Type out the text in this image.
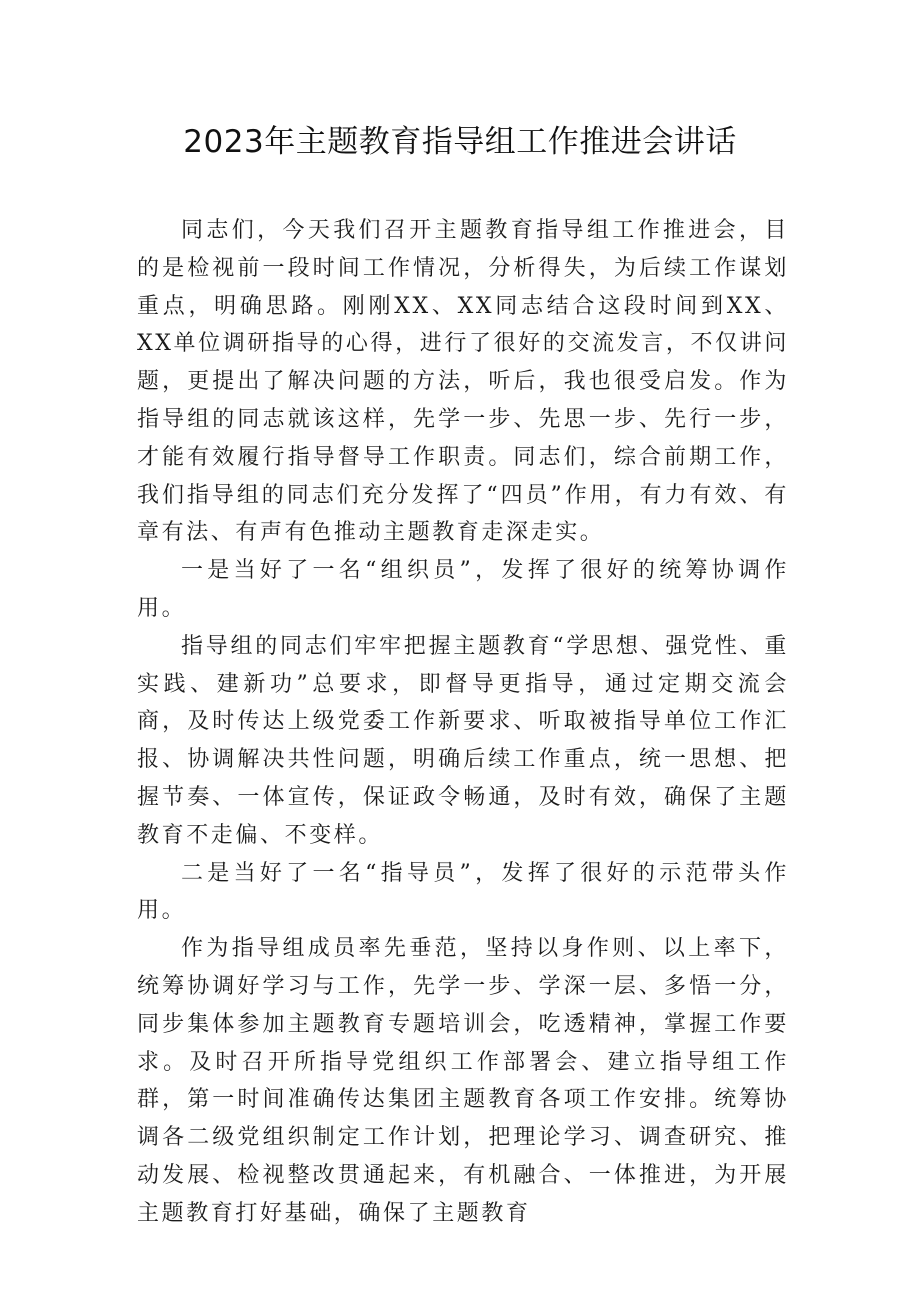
2023年主题教育指导组工作推进会讲话

同志们，今天我们召开主题教育指导组工作推进会，目的是检视前一段时间工作情况，分析得失，为后续工作谋划重点，明确思路。刚刚XX、XX同志结合这段时间到XX、XX单位调研指导的心得，进行了很好的交流发言，不仅讲问题，更提出了解决问题的方法，听后，我也很受启发。作为指导组的同志就该这样，先学一步、先思一步、先行一步，才能有效履行指导督导工作职责。同志们，综合前期工作，我们指导组的同志们充分发挥了“四员”作用，有力有效、有章有法、有声有色推动主题教育走深走实。

一是当好了一名“组织员”，发挥了很好的统筹协调作用。

指导组的同志们牢牢把握主题教育“学思想、强党性、重实践、建新功”总要求，即督导更指导，通过定期交流会商，及时传达上级党委工作新要求、听取被指导单位工作汇报、协调解决共性问题，明确后续工作重点，统一思想、把握节奏、一体宣传，保证政令畅通，及时有效，确保了主题教育不走偏、不变样。

二是当好了一名“指导员”，发挥了很好的示范带头作用。

作为指导组成员率先垂范，坚持以身作则、以上率下，统筹协调好学习与工作，先学一步、学深一层、多悟一分，同步集体参加主题教育专题培训会，吃透精神，掌握工作要求。及时召开所指导党组织工作部署会、建立指导组工作群，第一时间准确传达集团主题教育各项工作安排。统筹协调各二级党组织制定工作计划，把理论学习、调查研究、推动发展、检视整改贯通起来，有机融合、一体推进，为开展主题教育打好基础，确保了主题教育
